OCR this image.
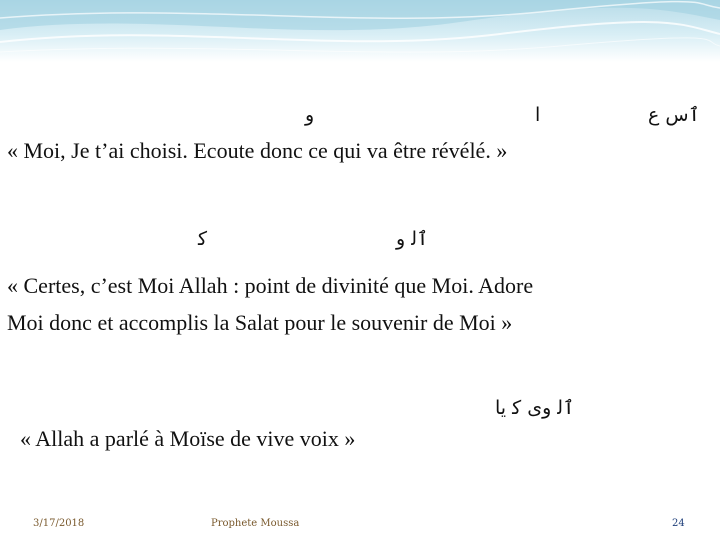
و	ا	ٱس ع
« Moi, Je t’ai choisi. Ecoute donc ce qui va être révélé. »
ﮐ	ٱﻟ ﻭ
« Certes, c’est Moi Allah : point de divinité que Moi. Adore
Moi donc et accomplis la Salat pour le souvenir de Moi »
ٱﻟ ﻭﻯ ﮐ ﻳﺎ
« Allah a parlé à Moïse de vive voix »
3/17/2018	Prophete Moussa	24
